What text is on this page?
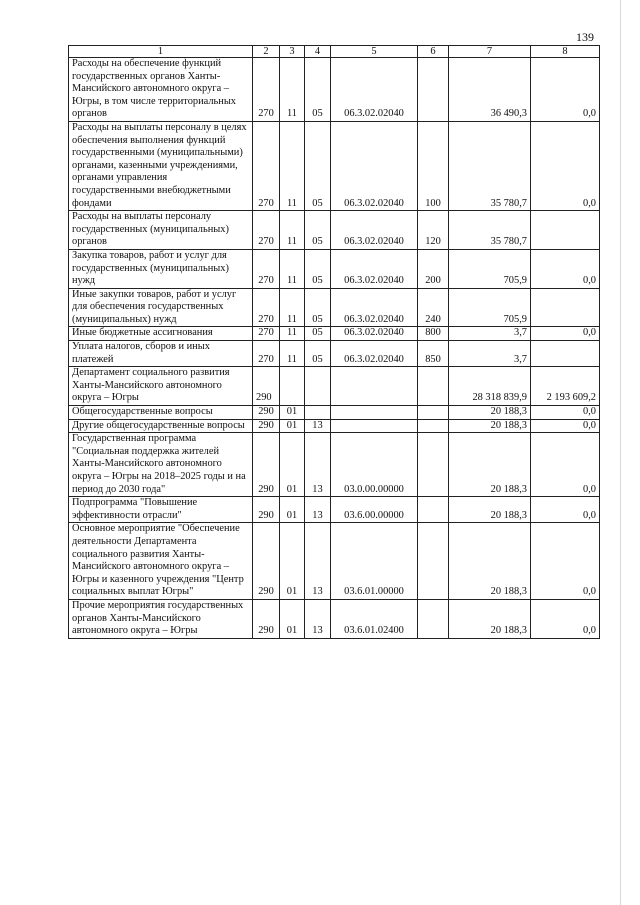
139
1	2	3	4	5	6	7	8
Расходы на обеспечение функций государственных органов Ханты-Мансийского автономного округа – Югры, в том числе территориальных органов	270	11	05	06.3.02.02040		36 490,3	0,0
Расходы на выплаты персоналу в целях обеспечения выполнения функций государственными (муниципальными) органами, казенными учреждениями, органами управления государственными внебюджетными фондами	270	11	05	06.3.02.02040	100	35 780,7	0,0
Расходы на выплаты персоналу государственных (муниципальных) органов	270	11	05	06.3.02.02040	120	35 780,7	
Закупка товаров, работ и услуг для государственных (муниципальных) нужд	270	11	05	06.3.02.02040	200	705,9	0,0
Иные закупки товаров, работ и услуг для обеспечения государственных (муниципальных) нужд	270	11	05	06.3.02.02040	240	705,9	
Иные бюджетные ассигнования	270	11	05	06.3.02.02040	800	3,7	0,0
Уплата налогов, сборов и иных платежей	270	11	05	06.3.02.02040	850	3,7	
Департамент социального развития Ханты-Мансийского автономного округа – Югры	290					28 318 839,9	2 193 609,2
Общегосударственные вопросы	290	01				20 188,3	0,0
Другие общегосударственные вопросы	290	01	13			20 188,3	0,0
Государственная программа "Социальная поддержка жителей Ханты-Мансийского автономного округа – Югры на 2018–2025 годы и на период до 2030 года"	290	01	13	03.0.00.00000		20 188,3	0,0
Подпрограмма "Повышение эффективности отрасли"	290	01	13	03.6.00.00000		20 188,3	0,0
Основное мероприятие "Обеспечение деятельности Департамента социального развития Ханты-Мансийского автономного округа – Югры и казенного учреждения "Центр социальных выплат Югры"	290	01	13	03.6.01.00000		20 188,3	0,0
Прочие мероприятия государственных органов Ханты-Мансийского автономного округа – Югры	290	01	13	03.6.01.02400		20 188,3	0,0
